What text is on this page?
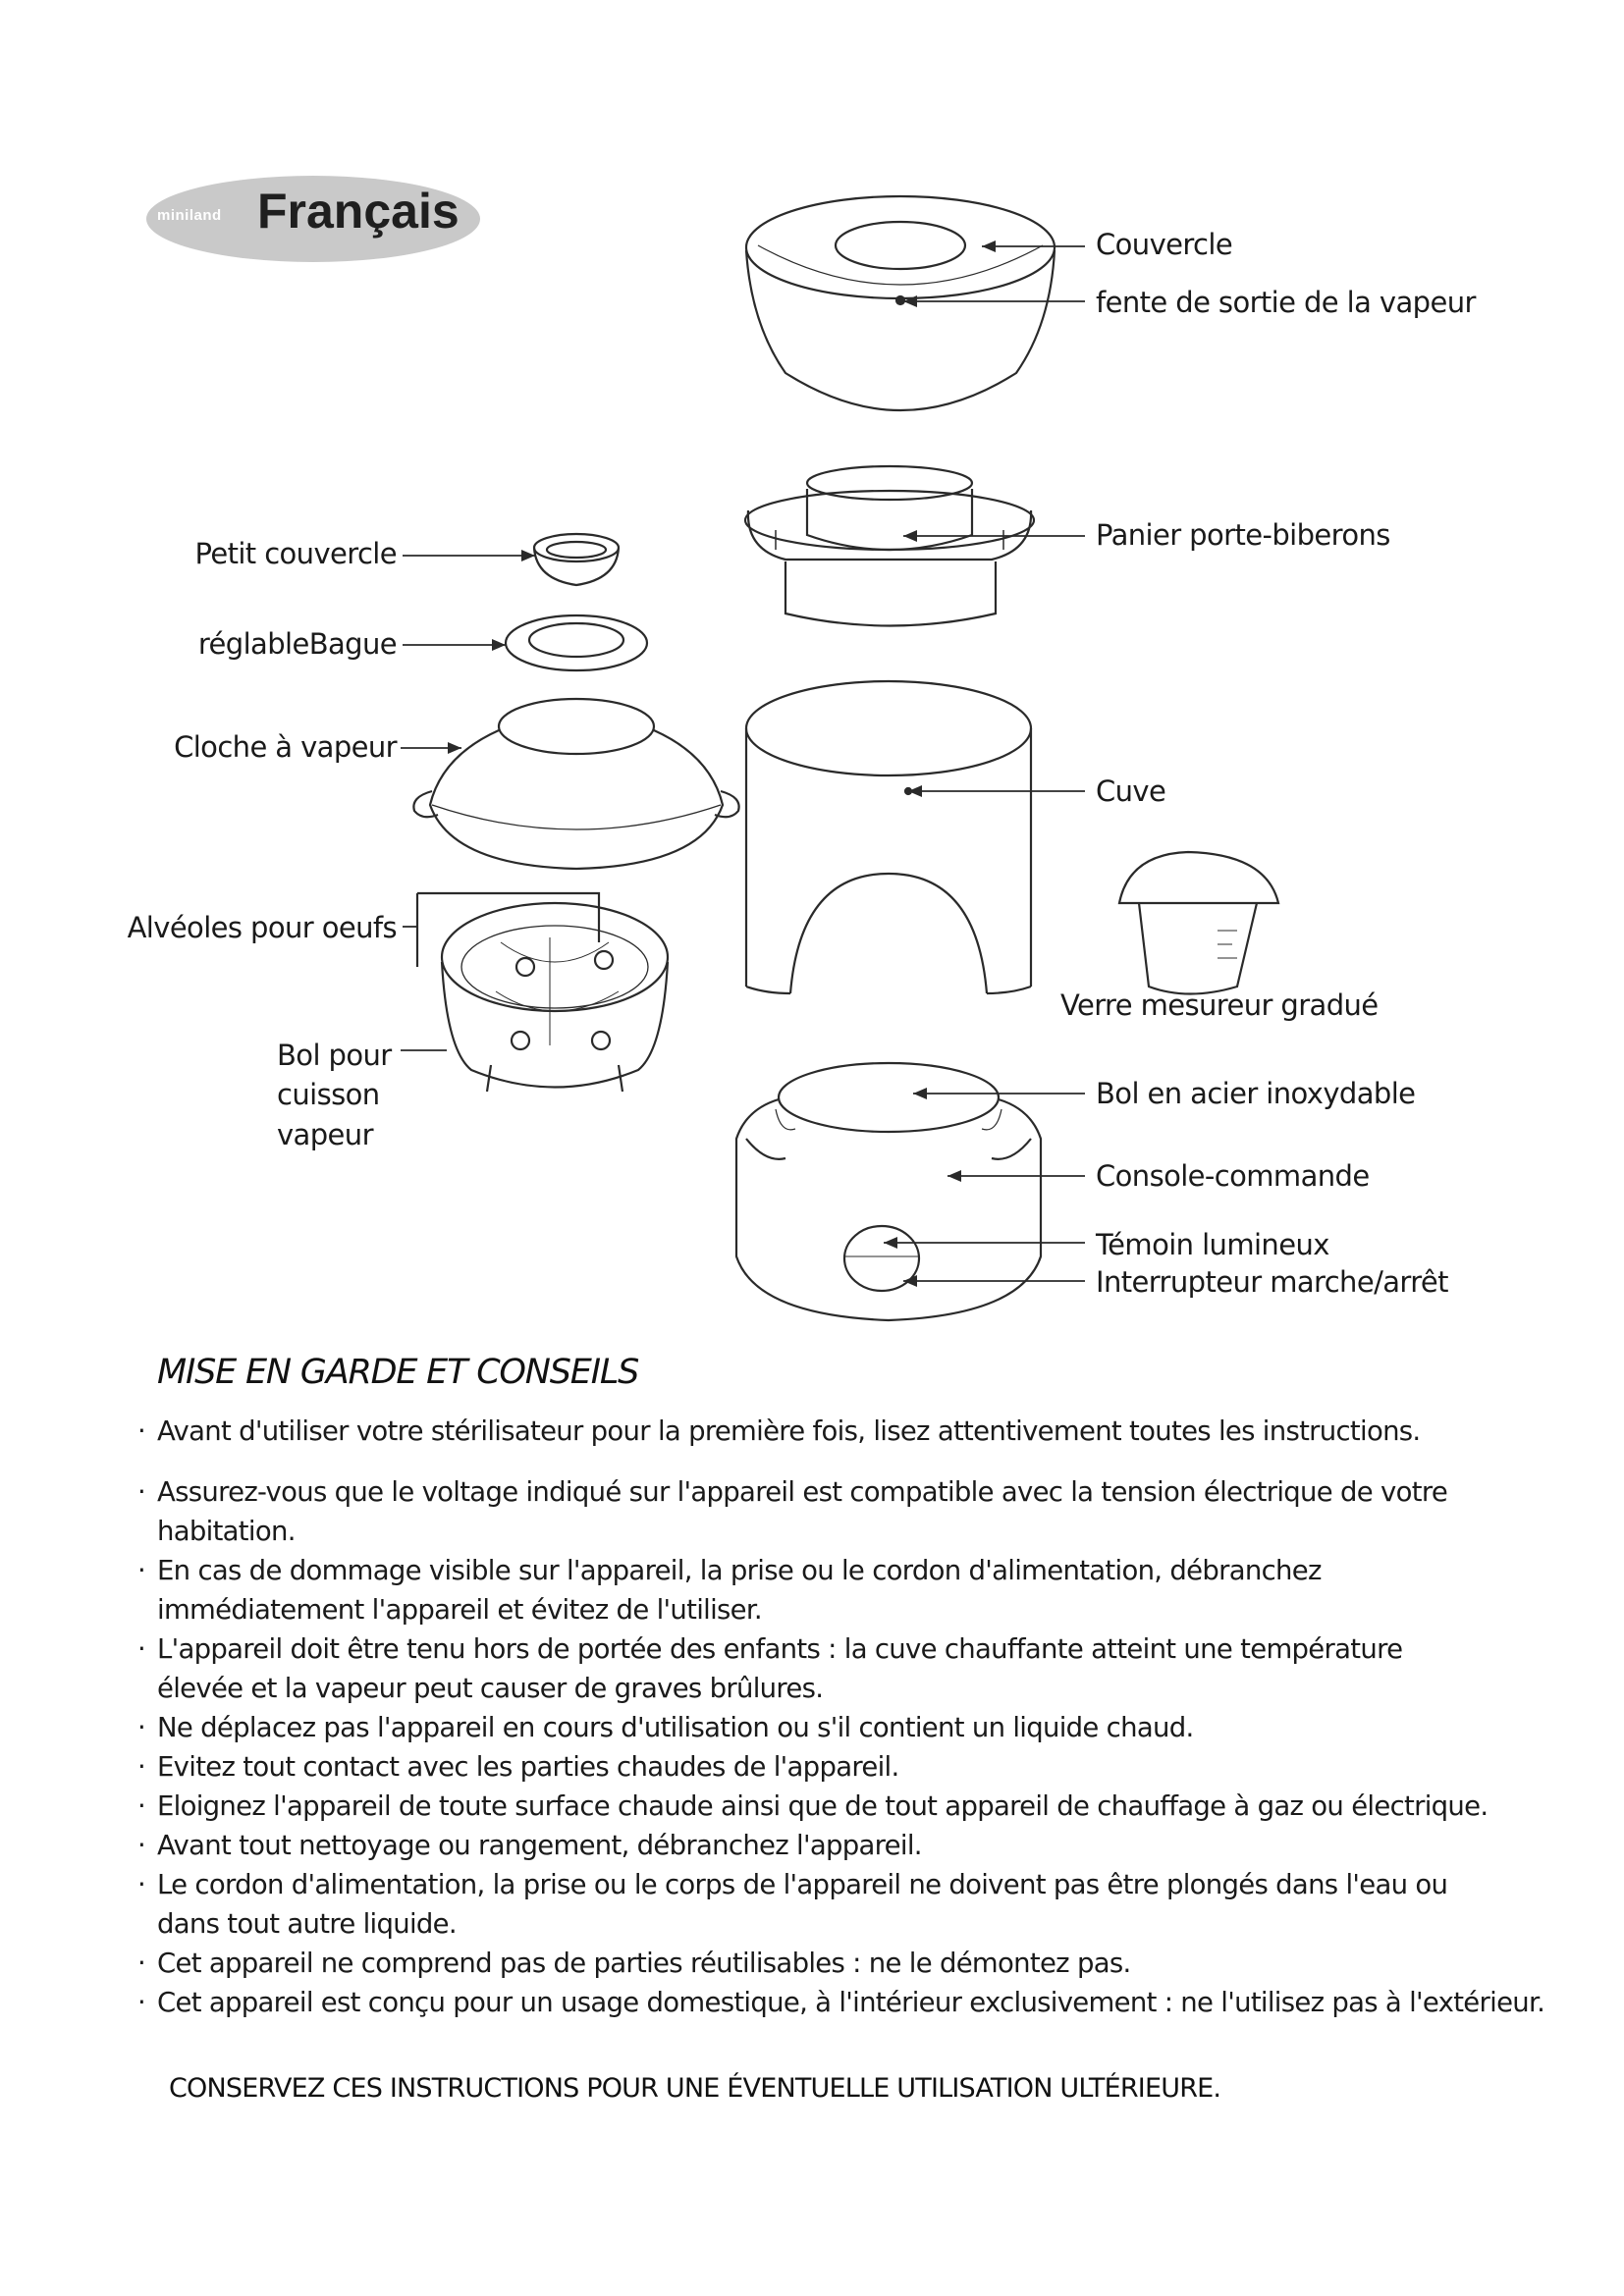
miniland Français
Couvercle
fente de sortie de la vapeur
Panier porte-biberons
Petit couvercle
réglableBague
Cloche à vapeur
Cuve
Alvéoles pour oeufs
Verre mesureur gradué
Bol pour
cuisson
vapeur
Bol en acier inoxydable
Console-commande
Témoin lumineux
Interrupteur marche/arrêt
MISE EN GARDE ET CONSEILS
· Avant d'utiliser votre stérilisateur pour la première fois, lisez attentivement toutes les instructions.
· Assurez-vous que le voltage indiqué sur l'appareil est compatible avec la tension électrique de votre habitation.
· En cas de dommage visible sur l'appareil, la prise ou le cordon d'alimentation, débranchez immédiatement l'appareil et évitez de l'utiliser.
· L'appareil doit être tenu hors de portée des enfants : la cuve chauffante atteint une température élevée et la vapeur peut causer de graves brûlures.
· Ne déplacez pas l'appareil en cours d'utilisation ou s'il contient un liquide chaud.
· Evitez tout contact avec les parties chaudes de l'appareil.
· Eloignez l'appareil de toute surface chaude ainsi que de tout appareil de chauffage à gaz ou électrique.
· Avant tout nettoyage ou rangement, débranchez l'appareil.
· Le cordon d'alimentation, la prise ou le corps de l'appareil ne doivent pas être plongés dans l'eau ou dans tout autre liquide.
· Cet appareil ne comprend pas de parties réutilisables : ne le démontez pas.
· Cet appareil est conçu pour un usage domestique, à l'intérieur exclusivement : ne l'utilisez pas à l'extérieur.
CONSERVEZ CES INSTRUCTIONS POUR UNE ÉVENTUELLE UTILISATION ULTÉRIEURE.
